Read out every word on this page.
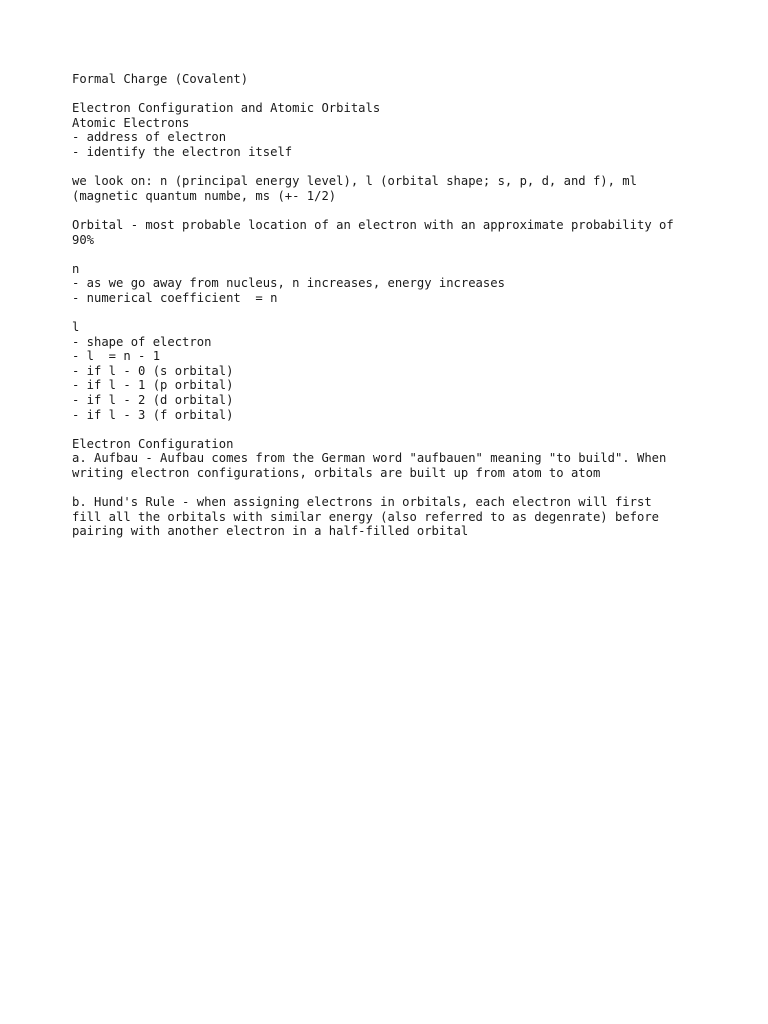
Formal Charge (Covalent)
Electron Configuration and Atomic Orbitals
Atomic Electrons
- address of electron
- identify the electron itself
we look on: n (principal energy level), l (orbital shape; s, p, d, and f), ml
(magnetic quantum numbe, ms (+- 1/2)
Orbital - most probable location of an electron with an approximate probability of
90%
n
- as we go away from nucleus, n increases, energy increases
- numerical coefficient  = n
l
- shape of electron
- l  = n - 1
- if l - 0 (s orbital)
- if l - 1 (p orbital)
- if l - 2 (d orbital)
- if l - 3 (f orbital)
Electron Configuration
a. Aufbau - Aufbau comes from the German word "aufbauen" meaning "to build". When
writing electron configurations, orbitals are built up from atom to atom
b. Hund's Rule - when assigning electrons in orbitals, each electron will first
fill all the orbitals with similar energy (also referred to as degenrate) before
pairing with another electron in a half-filled orbital
